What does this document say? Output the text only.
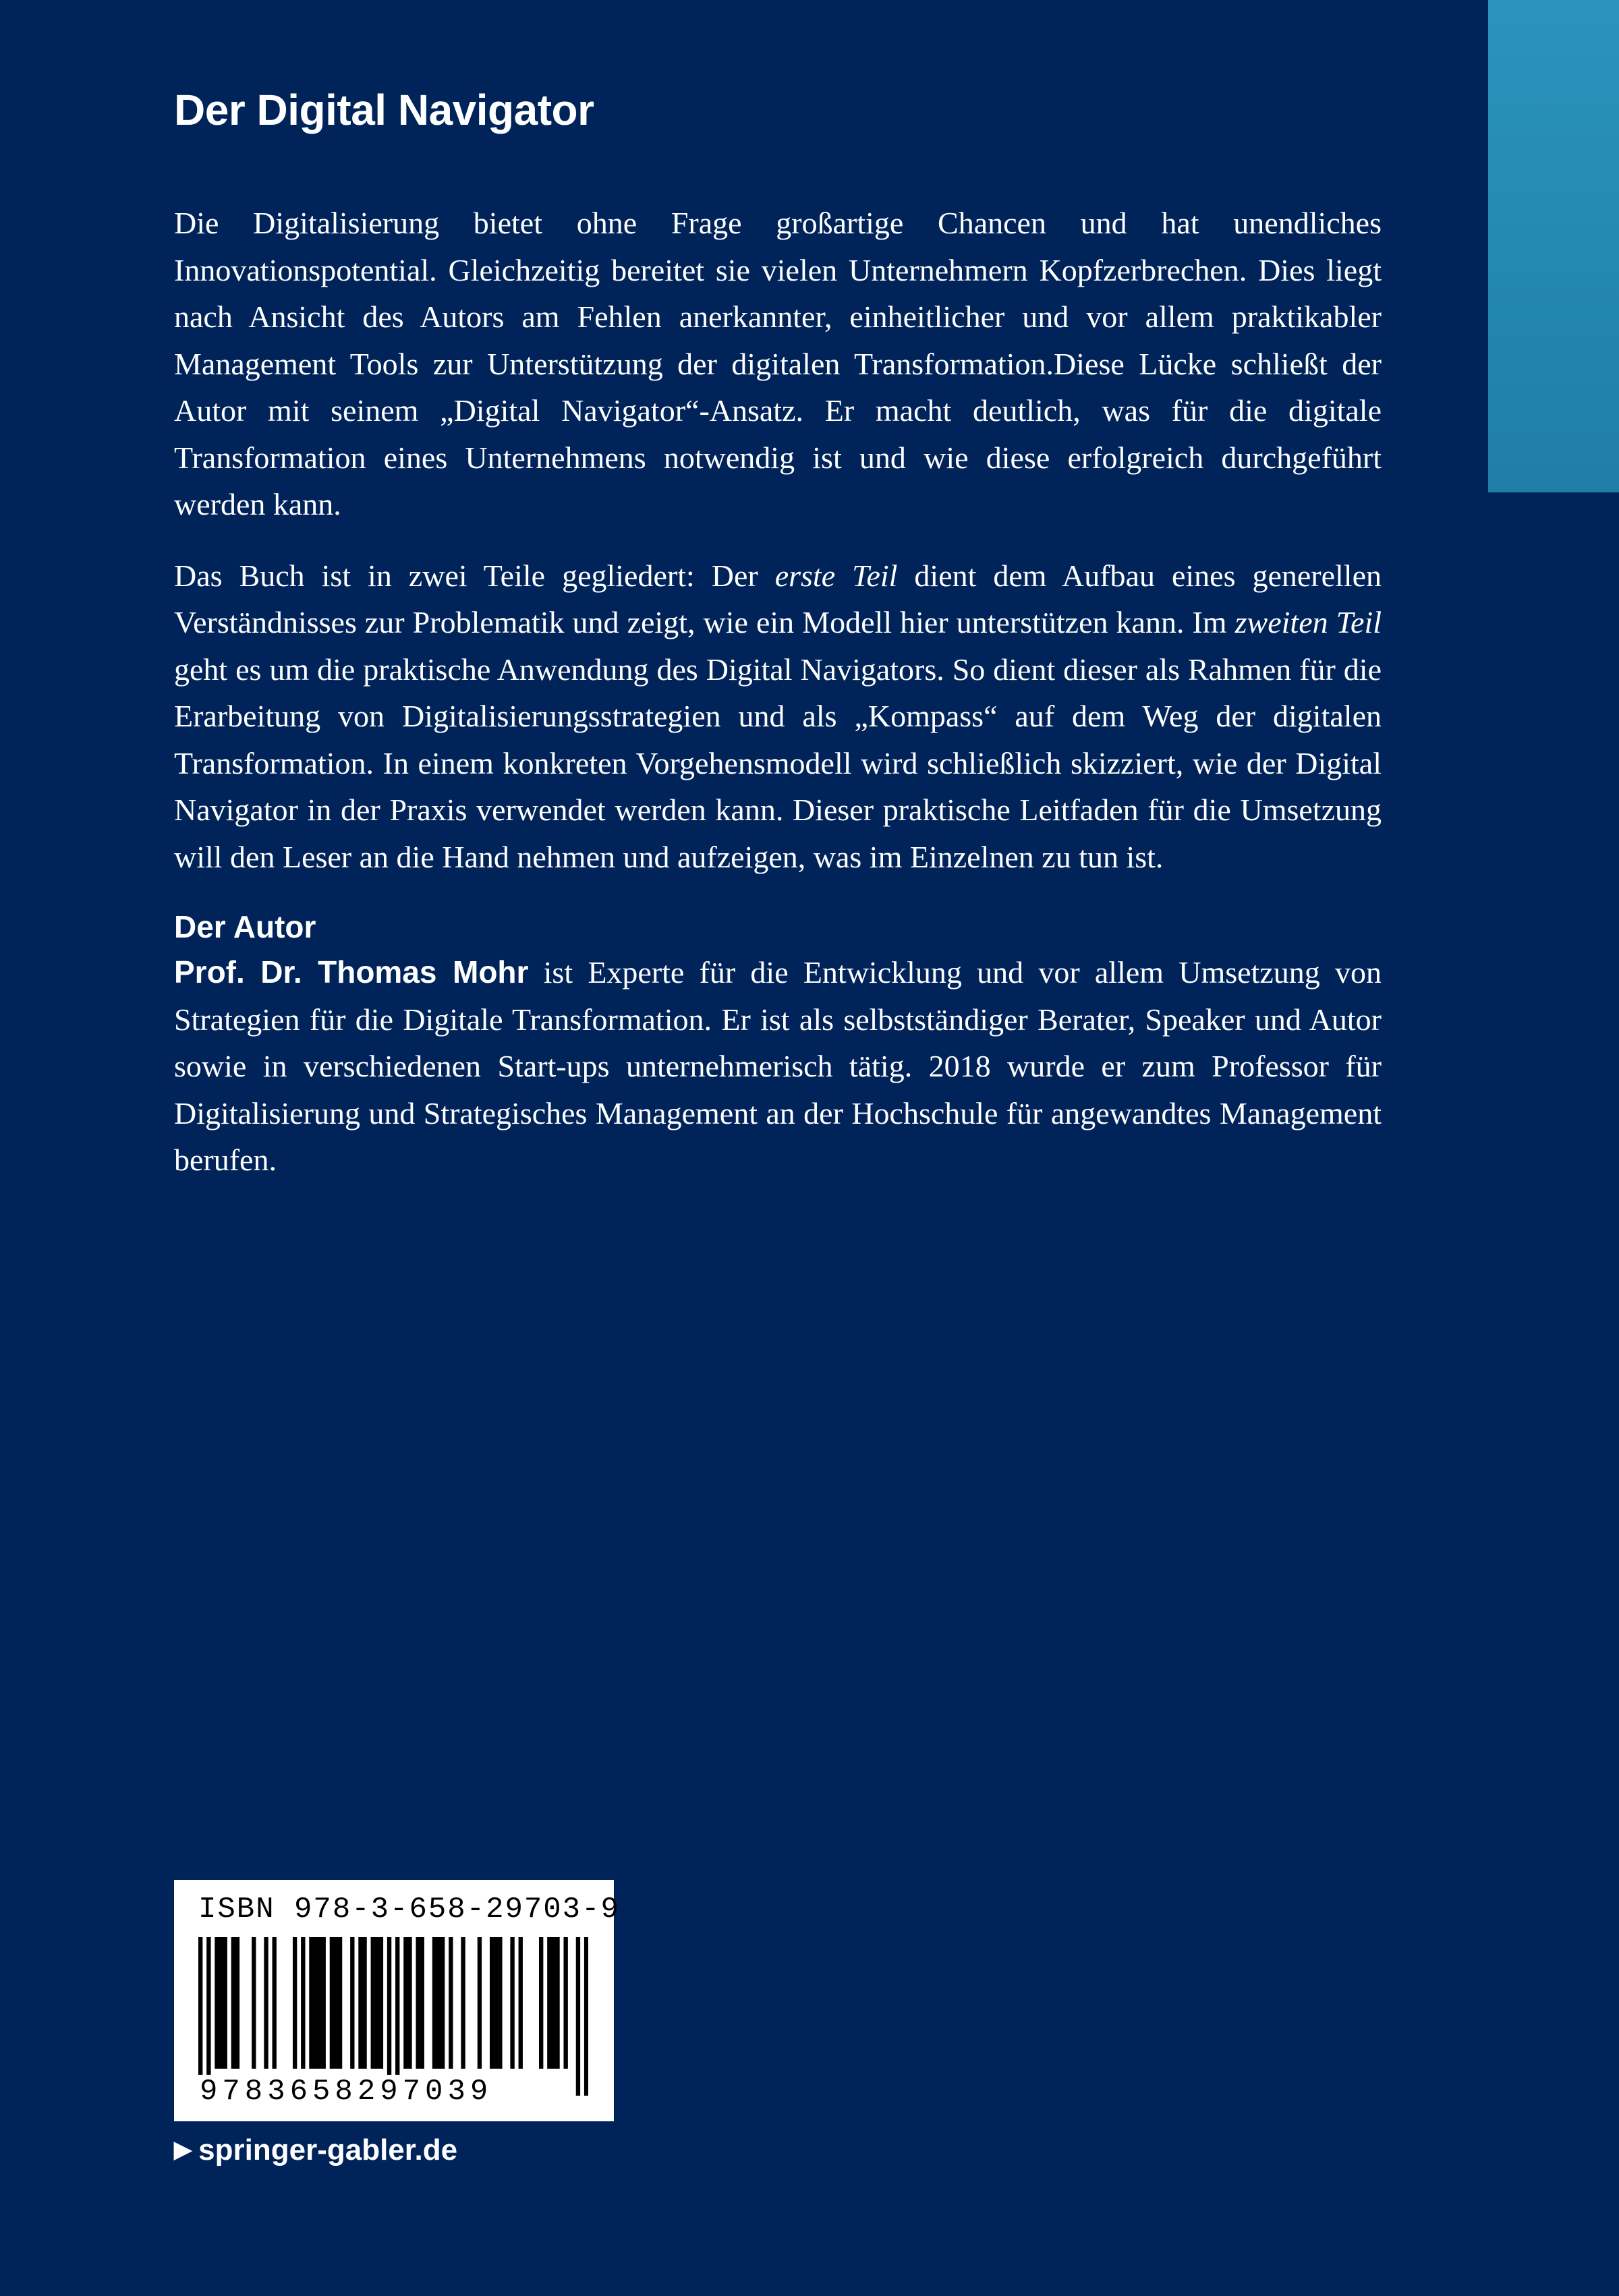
Der Digital Navigator

Die Digitalisierung bietet ohne Frage großartige Chancen und hat unendliches Innovationspotential. Gleichzeitig bereitet sie vielen Unternehmern Kopfzerbrechen. Dies liegt nach Ansicht des Autors am Fehlen anerkannter, einheitlicher und vor allem praktikabler Management Tools zur Unterstützung der digitalen Transformation.Diese Lücke schließt der Autor mit seinem „Digital Navigator“-Ansatz. Er macht deutlich, was für die digitale Transformation eines Unternehmens notwendig ist und wie diese erfolgreich durchgeführt werden kann.

Das Buch ist in zwei Teile gegliedert: Der erste Teil dient dem Aufbau eines generellen Verständnisses zur Problematik und zeigt, wie ein Modell hier unterstützen kann. Im zweiten Teil geht es um die praktische Anwendung des Digital Navigators. So dient dieser als Rahmen für die Erarbeitung von Digitalisierungsstrategien und als „Kompass“ auf dem Weg der digitalen Transformation. In einem konkreten Vorgehensmodell wird schließlich skizziert, wie der Digital Navigator in der Praxis verwendet werden kann. Dieser praktische Leitfaden für die Umsetzung will den Leser an die Hand nehmen und aufzeigen, was im Einzelnen zu tun ist.

Der Autor

Prof. Dr. Thomas Mohr ist Experte für die Entwicklung und vor allem Umsetzung von Strategien für die Digitale Transformation. Er ist als selbstständiger Berater, Speaker und Autor sowie in verschiedenen Start-ups unternehmerisch tätig. 2018 wurde er zum Professor für Digitalisierung und Strategisches Management an der Hochschule für angewandtes Management berufen.

ISBN 978-3-658-29703-9
9783658297039
▶ springer-gabler.de
